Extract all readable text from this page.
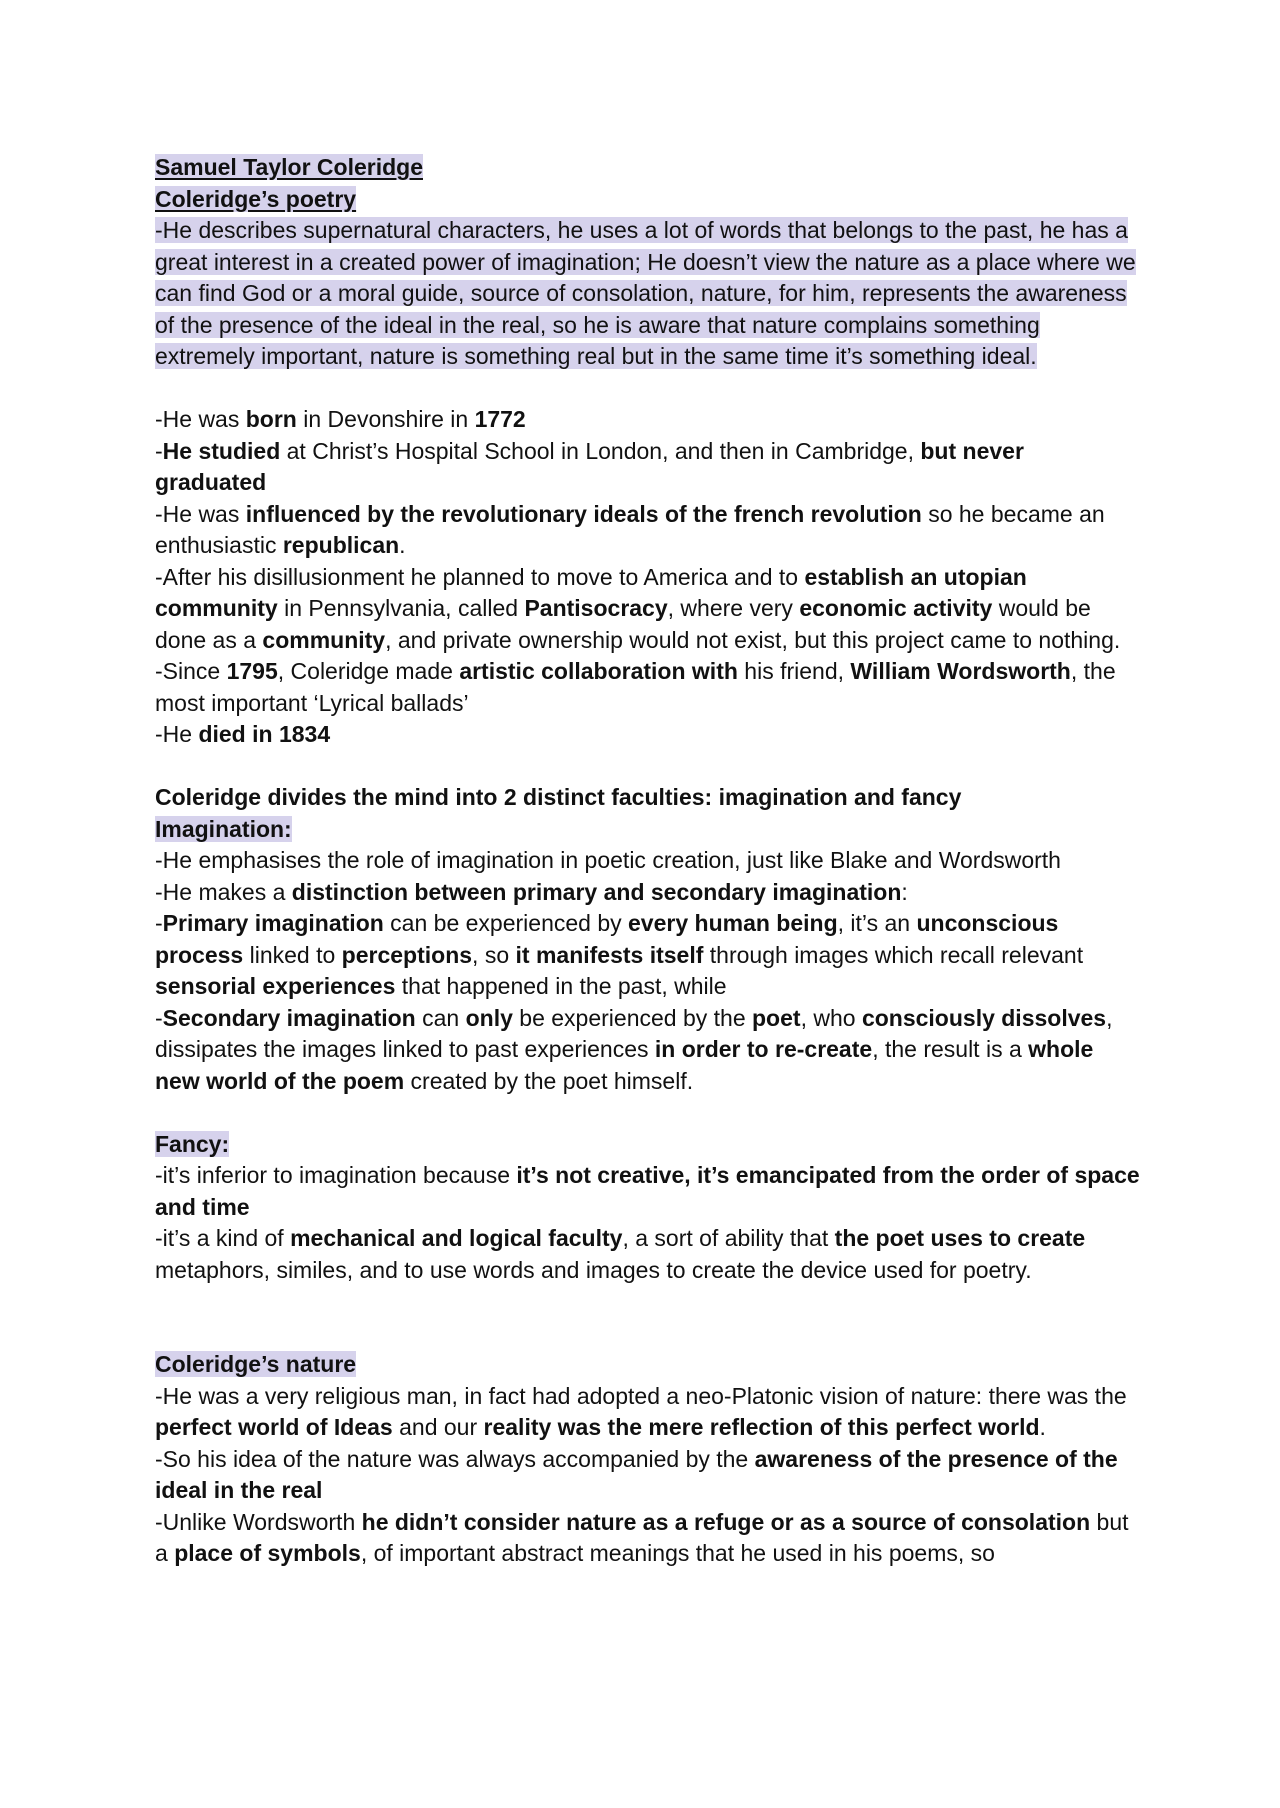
Samuel Taylor Coleridge

Coleridge’s poetry

-He describes supernatural characters, he uses a lot of words that belongs to the past, he has a great interest in a created power of imagination; He doesn’t view the nature as a place where we can find God or a moral guide, source of consolation, nature, for him, represents the awareness of the presence of the ideal in the real, so he is aware that nature complains something extremely important, nature is something real but in the same time it’s something ideal.

-He was born in Devonshire in 1772

-He studied at Christ’s Hospital School in London, and then in Cambridge, but never graduated

-He was influenced by the revolutionary ideals of the french revolution so he became an enthusiastic republican.

-After his disillusionment he planned to move to America and to establish an utopian community in Pennsylvania, called Pantisocracy, where very economic activity would be done as a community, and private ownership would not exist, but this project came to nothing.

-Since 1795, Coleridge made artistic collaboration with his friend, William Wordsworth, the most important ‘Lyrical ballads’

-He died in 1834

Coleridge divides the mind into 2 distinct faculties: imagination and fancy

Imagination:

-He emphasises the role of imagination in poetic creation, just like Blake and Wordsworth

-He makes a distinction between primary and secondary imagination:

-Primary imagination can be experienced by every human being, it’s an unconscious process linked to perceptions, so it manifests itself through images which recall relevant sensorial experiences that happened in the past, while

-Secondary imagination can only be experienced by the poet, who consciously dissolves, dissipates the images linked to past experiences in order to re-create, the result is a whole new world of the poem created by the poet himself.

Fancy:

-it’s inferior to imagination because it’s not creative, it’s emancipated from the order of space and time

-it’s a kind of mechanical and logical faculty, a sort of ability that the poet uses to create metaphors, similes, and to use words and images to create the device used for poetry.

Coleridge’s nature

-He was a very religious man, in fact had adopted a neo-Platonic vision of nature: there was the perfect world of Ideas and our reality was the mere reflection of this perfect world.

-So his idea of the nature was always accompanied by the awareness of the presence of the ideal in the real

-Unlike Wordsworth he didn’t consider nature as a refuge or as a source of consolation but a place of symbols, of important abstract meanings that he used in his poems, so
